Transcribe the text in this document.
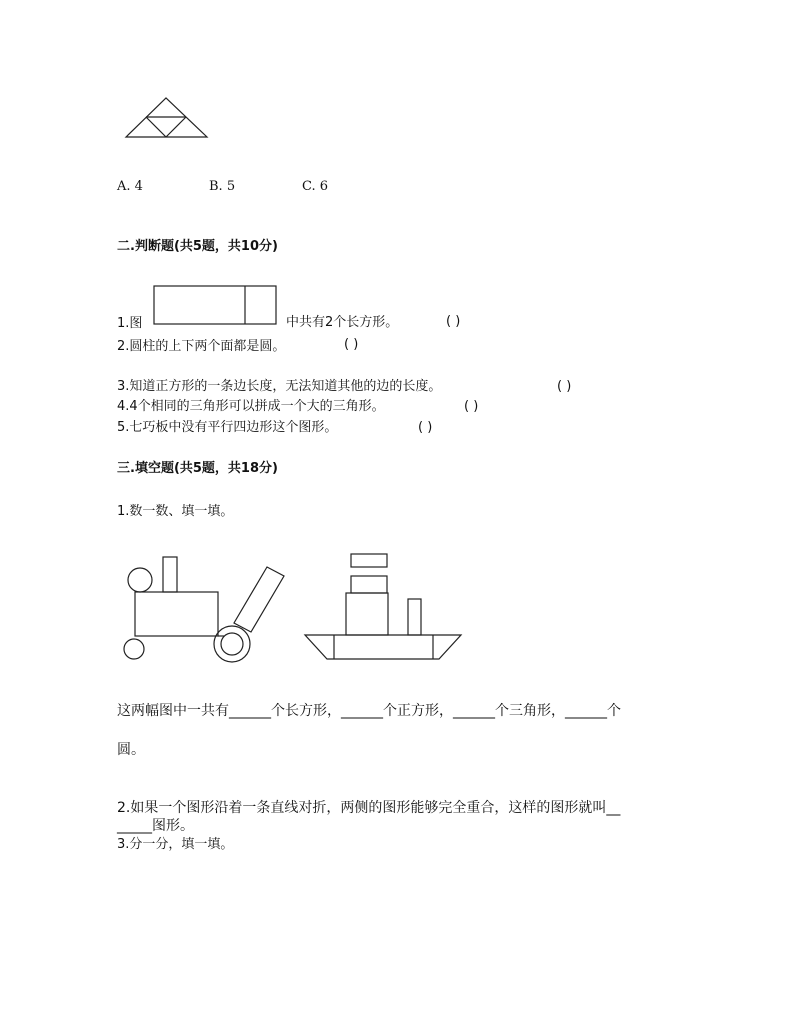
A. 4	B. 5	C. 6
二.判断题(共5题，共10分)
1.图	中共有2个长方形。	( )
2.圆柱的上下两个面都是圆。	( )
3.知道正方形的一条边长度，无法知道其他的边的长度。	( )
4.4个相同的三角形可以拼成一个大的三角形。	( )
5.七巧板中没有平行四边形这个图形。	( )
三.填空题(共5题，共18分)
1.数一数、填一填。
这两幅图中一共有______个长方形，______个正方形，______个三角形，______个
圆。
2.如果一个图形沿着一条直线对折，两侧的图形能够完全重合，这样的图形就叫__
_____图形。
3.分一分，填一填。
